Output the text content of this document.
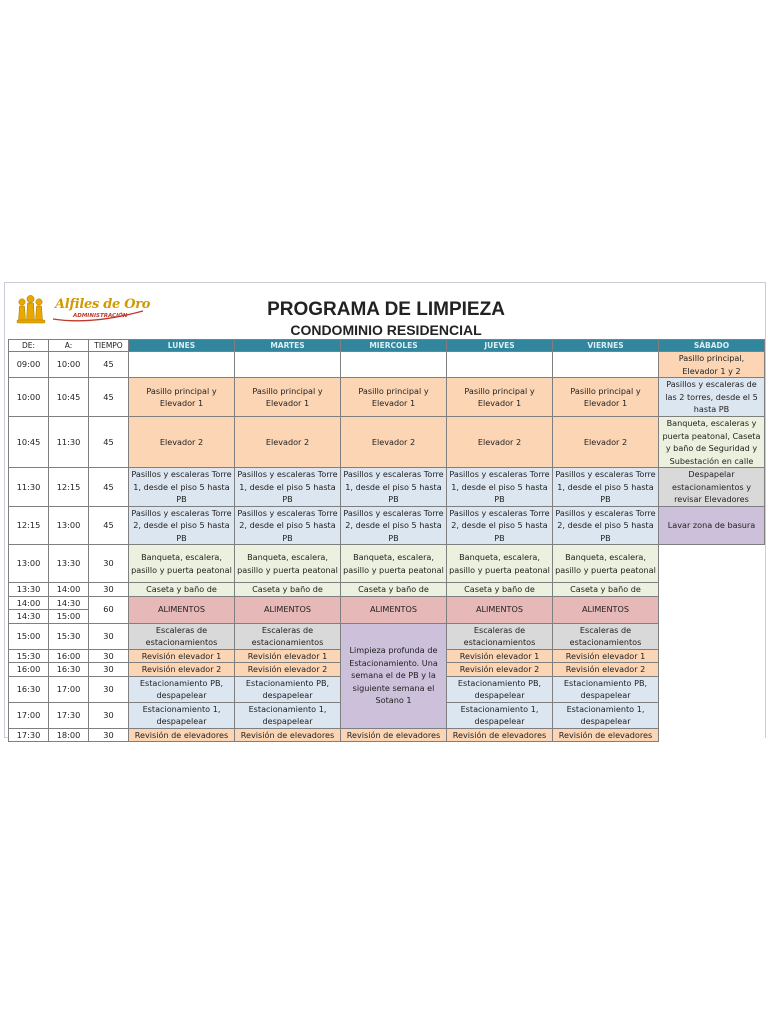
Alfiles de Oro
ADMINISTRACIÓN	PROGRAMA DE LIMPIEZA
CONDOMINIO RESIDENCIAL
DE:	A:	TIEMPO	LUNES	MARTES	MIERCOLES	JUEVES	VIERNES	SÁBADO
09:00	10:00	45						Pasillo principal, Elevador 1 y 2
10:00	10:45	45	Pasillo principal y Elevador 1	Pasillo principal y Elevador 1	Pasillo principal y Elevador 1	Pasillo principal y Elevador 1	Pasillo principal y Elevador 1	Pasillos y escaleras de las 2 torres, desde el 5 hasta PB
10:45	11:30	45	Elevador 2	Elevador 2	Elevador 2	Elevador 2	Elevador 2	Banqueta, escaleras y puerta peatonal, Caseta y baño de Seguridad y Subestación en calle
11:30	12:15	45	Pasillos y escaleras Torre 1, desde el piso 5 hasta PB	Pasillos y escaleras Torre 1, desde el piso 5 hasta PB	Pasillos y escaleras Torre 1, desde el piso 5 hasta PB	Pasillos y escaleras Torre 1, desde el piso 5 hasta PB	Pasillos y escaleras Torre 1, desde el piso 5 hasta PB	Despapelar estacionamientos y revisar Elevadores
12:15	13:00	45	Pasillos y escaleras Torre 2, desde el piso 5 hasta PB	Pasillos y escaleras Torre 2, desde el piso 5 hasta PB	Pasillos y escaleras Torre 2, desde el piso 5 hasta PB	Pasillos y escaleras Torre 2, desde el piso 5 hasta PB	Pasillos y escaleras Torre 2, desde el piso 5 hasta PB	Lavar zona de basura
13:00	13:30	30	Banqueta, escalera, pasillo y puerta peatonal	Banqueta, escalera, pasillo y puerta peatonal	Banqueta, escalera, pasillo y puerta peatonal	Banqueta, escalera, pasillo y puerta peatonal	Banqueta, escalera, pasillo y puerta peatonal	
13:30	14:00	30	Caseta y baño de	Caseta y baño de	Caseta y baño de	Caseta y baño de	Caseta y baño de	
14:00	14:30	60	ALIMENTOS	ALIMENTOS	ALIMENTOS	ALIMENTOS	ALIMENTOS	
14:30	15:00							
15:00	15:30	30	Escaleras de estacionamientos	Escaleras de estacionamientos	Limpieza profunda de Estacionamiento. Una semana el de PB y la siguiente semana el Sotano 1	Escaleras de estacionamientos	Escaleras de estacionamientos	
15:30	16:00	30	Revisión elevador 1	Revisión elevador 1		Revisión elevador 1	Revisión elevador 1	
16:00	16:30	30	Revisión elevador 2	Revisión elevador 2		Revisión elevador 2	Revisión elevador 2	
16:30	17:00	30	Estacionamiento PB, despapelear	Estacionamiento PB, despapelear		Estacionamiento PB, despapelear	Estacionamiento PB, despapelear	
17:00	17:30	30	Estacionamiento 1, despapelear	Estacionamiento 1, despapelear		Estacionamiento 1, despapelear	Estacionamiento 1, despapelear	
17:30	18:00	30	Revisión de elevadores	Revisión de elevadores	Revisión de elevadores	Revisión de elevadores	Revisión de elevadores	
